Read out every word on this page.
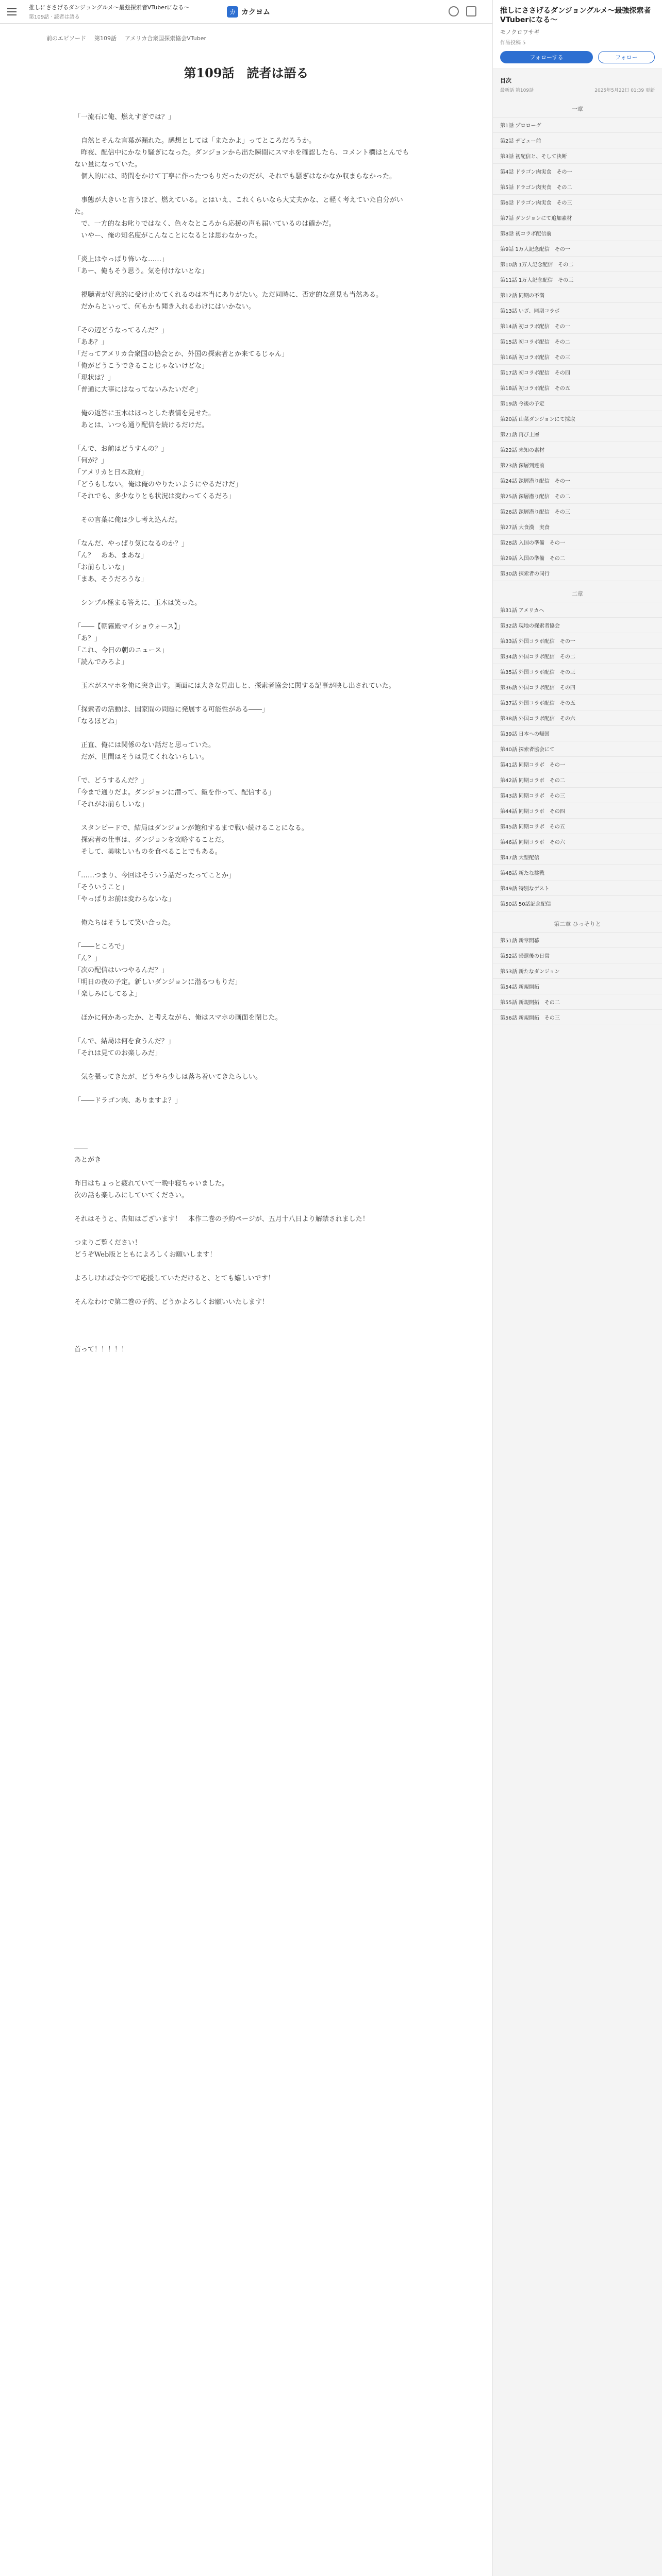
推しにささげるダンジョングルメ〜最強探索者VTuberになる〜
第109話 · 読者は語る
カ カクヨム
前のエピソード 第109話 アメリカ合衆国探索協会VTuber
第109話　読者は語る

「一流石に俺、燃えすぎでは？」

　自然とそんな言葉が漏れた。感想としては「またかよ」ってところだろうか。

　昨夜、配信中にかなり騒ぎになった。ダンジョンから出た瞬間にスマホを確認したら、コメント欄はとんでもない量になっていた。

　個人的には、時間をかけて丁寧に作ったつもりだったのだが、それでも騒ぎはなかなか収まらなかった。

　事態が大きいと言うほど、燃えている。とはいえ、これくらいなら大丈夫かな、と軽く考えていた自分がいた。

　で、一方的なお叱りではなく、色々なところから応援の声も届いているのは確かだ。

　いやー、俺の知名度がこんなことになるとは思わなかった。

「炎上はやっぱり怖いな……」

「あー、俺もそう思う。気を付けないとな」

　視聴者が好意的に受け止めてくれるのは本当にありがたい。ただ同時に、否定的な意見も当然ある。

　だからといって、何もかも聞き入れるわけにはいかない。

「その辺どうなってるんだ？」

「ああ？」

「だってアメリカ合衆国の協会とか、外国の探索者とか来てるじゃん」

「俺がどうこうできることじゃないけどな」

「現状は？」

「普通に大事にはなってないみたいだぞ」

　俺の返答に玉木はほっとした表情を見せた。

　あとは、いつも通り配信を続けるだけだ。

「んで、お前はどうすんの？」

「何が？」

「アメリカと日本政府」

「どうもしない。俺は俺のやりたいようにやるだけだ」

「それでも、多少なりとも状況は変わってくるだろ」

　その言葉に俺は少し考え込んだ。

「なんだ、やっぱり気になるのか？」

「ん？　ああ、まあな」

「お前らしいな」

「まあ、そうだろうな」

　シンプル極まる答えに、玉木は笑った。

「――【朝霧殿マイショウォース】」

「あ？」

「これ、今日の朝のニュース」

「読んでみろよ」

　玉木がスマホを俺に突き出す。画面には大きな見出しと、探索者協会に関する記事が映し出されていた。

「探索者の活動は、国家間の問題に発展する可能性がある――」

「なるほどね」

　正直、俺には関係のない話だと思っていた。

　だが、世間はそうは見てくれないらしい。

「で、どうするんだ？」

「今まで通りだよ。ダンジョンに潜って、飯を作って、配信する」

「それがお前らしいな」

　スタンピードで、結局はダンジョンが飽和するまで戦い続けることになる。

　探索者の仕事は、ダンジョンを攻略することだ。

　そして、美味しいものを食べることでもある。

「……つまり、今回はそういう話だったってことか」

「そういうこと」

「やっぱりお前は変わらないな」

　俺たちはそうして笑い合った。

「――ところで」

「ん？」

「次の配信はいつやるんだ？」

「明日の夜の予定。新しいダンジョンに潜るつもりだ」

「楽しみにしてるよ」

　ほかに何かあったか、と考えながら、俺はスマホの画面を閉じた。

「んで、結局は何を食うんだ？」

「それは見てのお楽しみだ」

　気を張ってきたが、どうやら少しは落ち着いてきたらしい。

「――ドラゴン肉、ありますよ？」

――

あとがき

昨日はちょっと疲れていて一晩中寝ちゃいました。

次の話も楽しみにしていてください。

それはそうと、告知はございます！　本作二巻の予約ページが、五月十八日より解禁されました！

つまりご覧ください！

どうぞWeb版とともによろしくお願いします！

よろしければ☆や♡で応援していただけると、とても嬉しいです！

そんなわけで第二巻の予約、どうかよろしくお願いいたします！

首って！！！！！

推しにささげるダンジョングルメ〜最強探索者VTuberになる〜
モノクロワサギ
作品投稿 5
フォローする	フォロー
目次
最新話 第109話	2025年5月22日 01:39 更新
一章
第1話 プロローグ
第2話 デビュー前
第3話 初配信と、そして決断
第4話 ドラゴン肉実食　その一
第5話 ドラゴン肉実食　その二
第6話 ドラゴン肉実食　その三
第7話 ダンジョンにて追加素材
第8話 初コラボ配信前
第9話 1万人記念配信　その一
第10話 1万人記念配信　その二
第11話 1万人記念配信　その三
第12話 同期の不満
第13話 いざ、同期コラボ
第14話 初コラボ配信　その一
第15話 初コラボ配信　その二
第16話 初コラボ配信　その三
第17話 初コラボ配信　その四
第18話 初コラボ配信　その五
第19話 今後の予定
第20話 山菜ダンジョンにて採取
第21話 再び上層
第22話 未知の素材
第23話 深層到達前
第24話 深層潜り配信　その一
第25話 深層潜り配信　その二
第26話 深層潜り配信　その三
第27話 大食漢　実食
第28話 入国の準備　その一
第29話 入国の準備　その二
第30話 探索者の同行
二章
第31話 アメリカへ
第32話 現地の探索者協会
第33話 外国コラボ配信　その一
第34話 外国コラボ配信　その二
第35話 外国コラボ配信　その三
第36話 外国コラボ配信　その四
第37話 外国コラボ配信　その五
第38話 外国コラボ配信　その六
第39話 日本への帰国
第40話 探索者協会にて
第41話 同期コラボ　その一
第42話 同期コラボ　その二
第43話 同期コラボ　その三
第44話 同期コラボ　その四
第45話 同期コラボ　その五
第46話 同期コラボ　その六
第47話 大型配信
第48話 新たな挑戦
第49話 特別なゲスト
第50話 50話記念配信
第二章 ひっそりと
第51話 新章開幕
第52話 帰還後の日常
第53話 新たなダンジョン
第54話 新規開拓
第55話 新規開拓　その二
第56話 新規開拓　その三
